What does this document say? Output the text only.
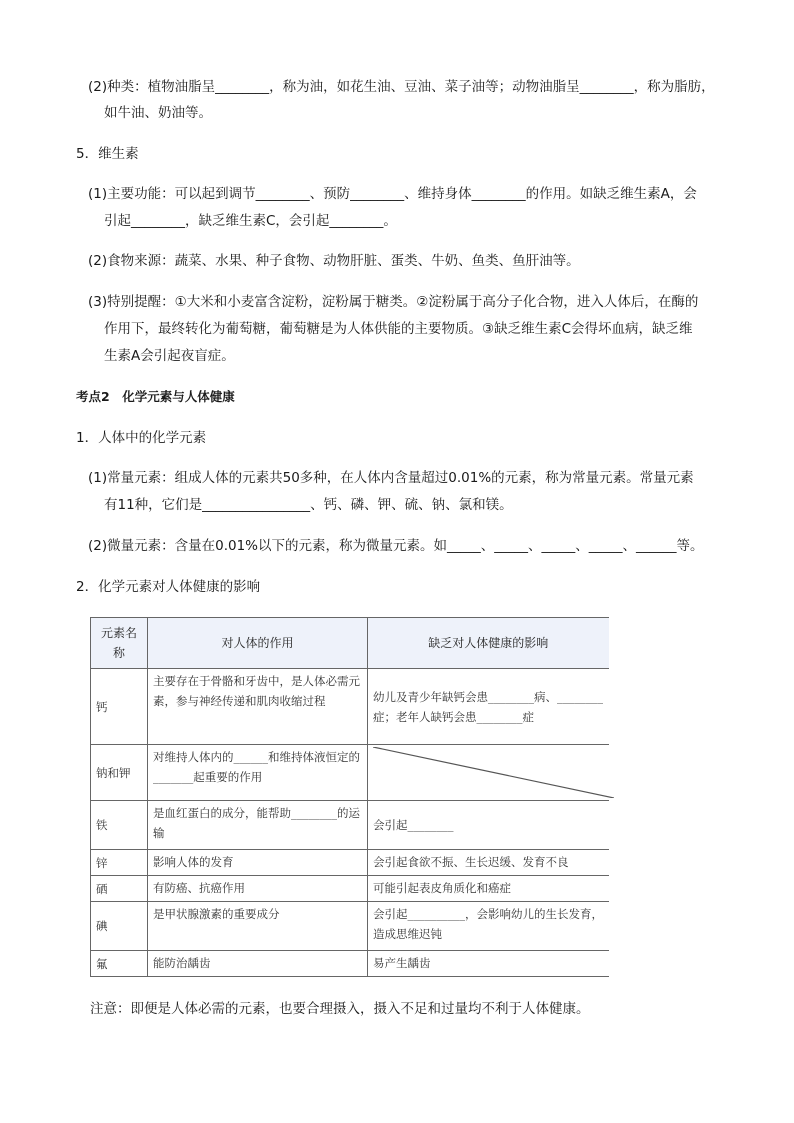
(2)种类：植物油脂呈________，称为油，如花生油、豆油、菜子油等；动物油脂呈________，称为脂肪，
如牛油、奶油等。
5．维生素
(1)主要功能：可以起到调节________、预防________、维持身体________的作用。如缺乏维生素A，会
引起________，缺乏维生素C，会引起________。
(2)食物来源：蔬菜、水果、种子食物、动物肝脏、蛋类、牛奶、鱼类、鱼肝油等。
(3)特别提醒：①大米和小麦富含淀粉，淀粉属于糖类。②淀粉属于高分子化合物，进入人体后，在酶的
作用下，最终转化为葡萄糖，葡萄糖是为人体供能的主要物质。③缺乏维生素C会得坏血病，缺乏维
生素A会引起夜盲症。
考点2　化学元素与人体健康
1．人体中的化学元素
(1)常量元素：组成人体的元素共50多种，在人体内含量超过0.01%的元素，称为常量元素。常量元素
有11种，它们是________________、钙、磷、钾、硫、钠、氯和镁。
(2)微量元素：含量在0.01%以下的元素，称为微量元素。如_____、_____、_____、_____、______等。
2．化学元素对人体健康的影响
元素名称	对人体的作用	缺乏对人体健康的影响
钙	主要存在于骨骼和牙齿中，是人体必需元素，参与神经传递和肌肉收缩过程	幼儿及青少年缺钙会患________病、________症；老年人缺钙会患________症
钠和钾	对维持人体内的______和维持体液恒定的_______起重要的作用	

铁	是血红蛋白的成分，能帮助________的运输	会引起________
锌	影响人体的发育	会引起食欲不振、生长迟缓、发育不良
硒	有防癌、抗癌作用	可能引起表皮角质化和癌症
碘	是甲状腺激素的重要成分	会引起__________，会影响幼儿的生长发育，造成思维迟钝
氟	能防治龋齿	易产生龋齿
注意：即便是人体必需的元素，也要合理摄入，摄入不足和过量均不利于人体健康。
